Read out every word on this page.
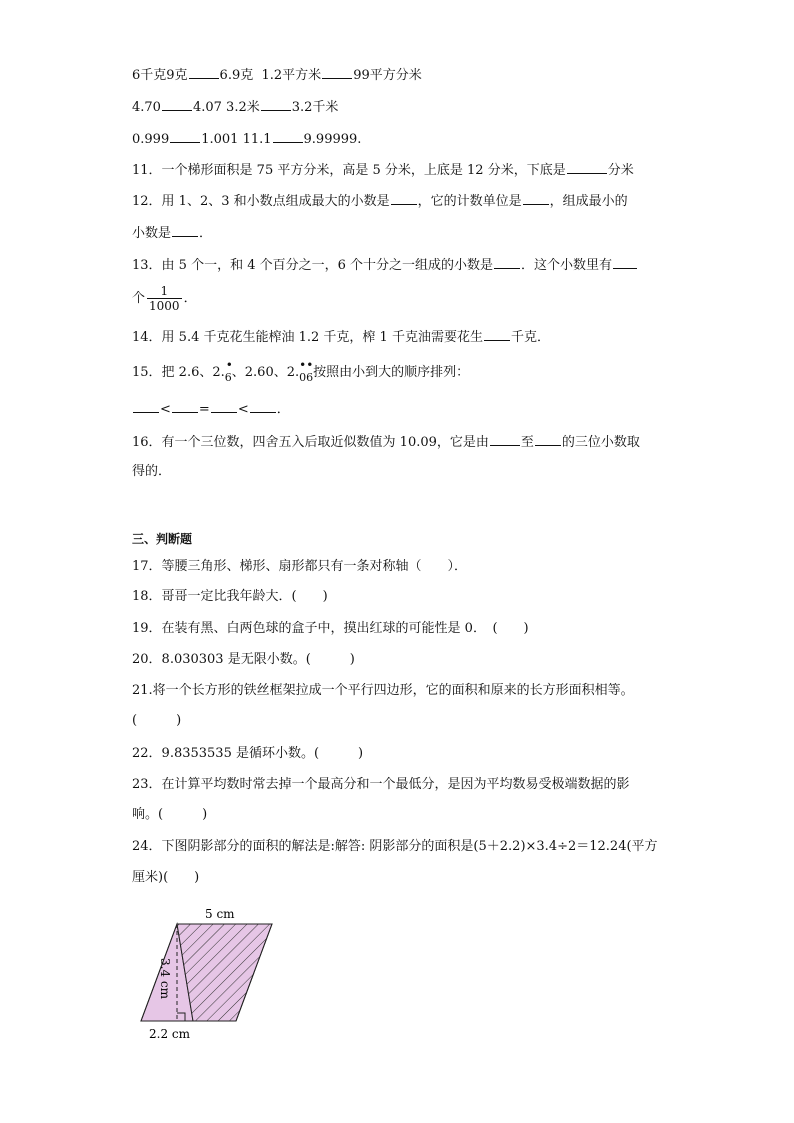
6千克9克 6.9克 1.2平方米 99平方分米
4.70 4.07 3.2米 3.2千米
0.999 1.001 11.1 9.99999.
11．一个梯形面积是 75 平方分米，高是 5 分米，上底是 12 分米，下底是	分米
12．用 1、2、3 和小数点组成最大的小数是 ，它的计数单位是 ，组成最小的
小数是 ．
13．由 5 个一，和 4 个百分之一，6 个十分之一组成的小数是 ．这个小数里有
个 $\frac{1}{1000}$ ．
14．用 5.4 千克花生能榨油 1.2 千克，榨 1 千克油需要花生 千克．
15．把 2.6、2. •
6、2.60、2. ••
06按照由小到大的顺序排列：
< = < ．
16．有一个三位数，四舍五入后取近似数值为 10.09，它是由 至 的三位小数取
得的．
三、判断题
17．等腰三角形、梯形、扇形都只有一条对称轴（　　）．
18．哥哥一定比我年龄大．(　　)
19．在装有黑、白两色球的盒子中，摸出红球的可能性是 0．　(　　)
20．8.030303 是无限小数。(　　　)
21.将一个长方形的铁丝框架拉成一个平行四边形，它的面积和原来的长方形面积相等。
(　　　)
22．9.8353535 是循环小数。(　　　)
23．在计算平均数时常去掉一个最高分和一个最低分，是因为平均数易受极端数据的影
响。(　　　)
24．下图阴影部分的面积的解法是:解答: 阴影部分的面积是(5＋2.2)×3.4÷2＝12.24(平方
厘米)(　　)
5 cm
3.4 cm
2.2 cm
